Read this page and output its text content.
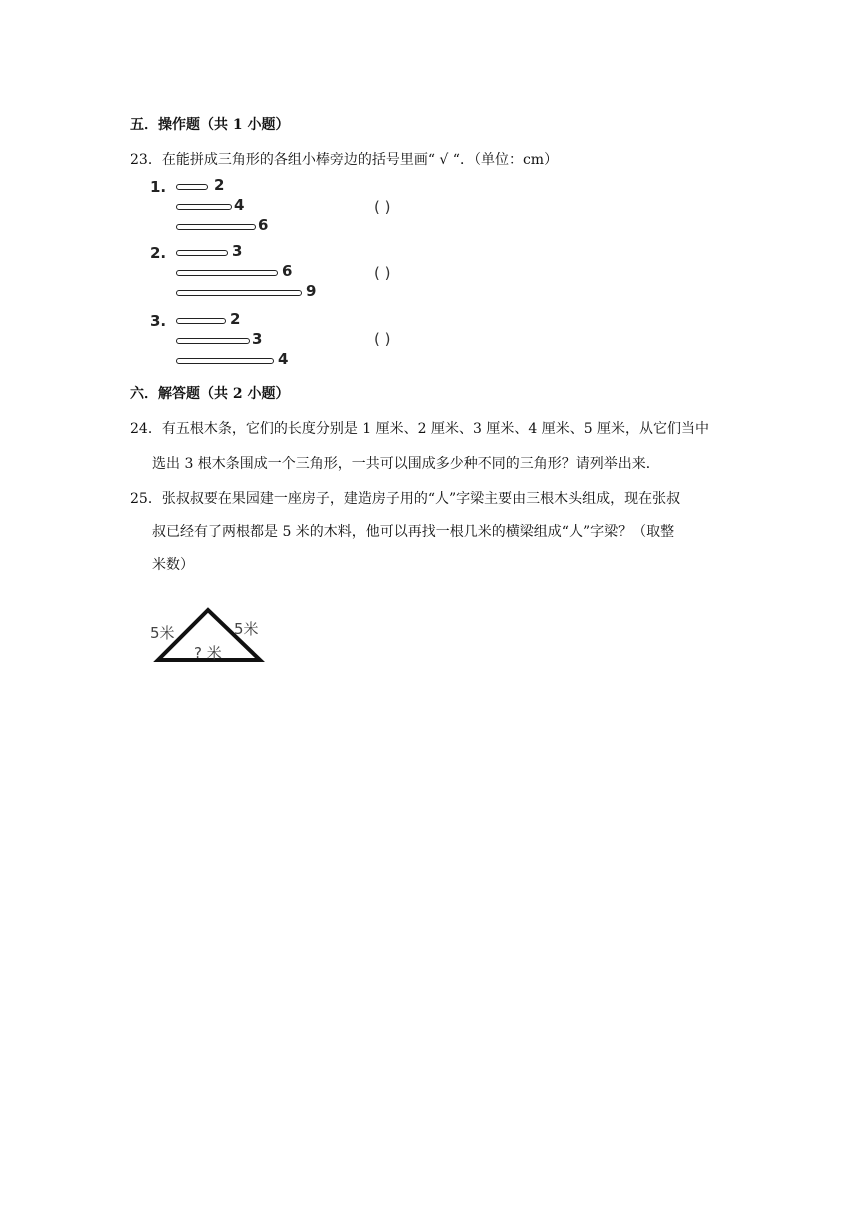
五．操作题（共 1 小题）
23．在能拼成三角形的各组小棒旁边的括号里画“ √ “．（单位：cm）
1.	2
4
6
( )
2.	3
6
9
( )
3.	2
3
4
( )
六．解答题（共 2 小题）
24．有五根木条，它们的长度分别是 1 厘米、2 厘米、3 厘米、4 厘米、5 厘米，从它们当中
选出 3 根木条围成一个三角形，一共可以围成多少种不同的三角形？请列举出来．
25．张叔叔要在果园建一座房子，建造房子用的“人”字梁主要由三根木头组成，现在张叔
叔已经有了两根都是 5 米的木料，他可以再找一根几米的横梁组成“人”字梁？（取整
米数）
5米	5米
? 米
